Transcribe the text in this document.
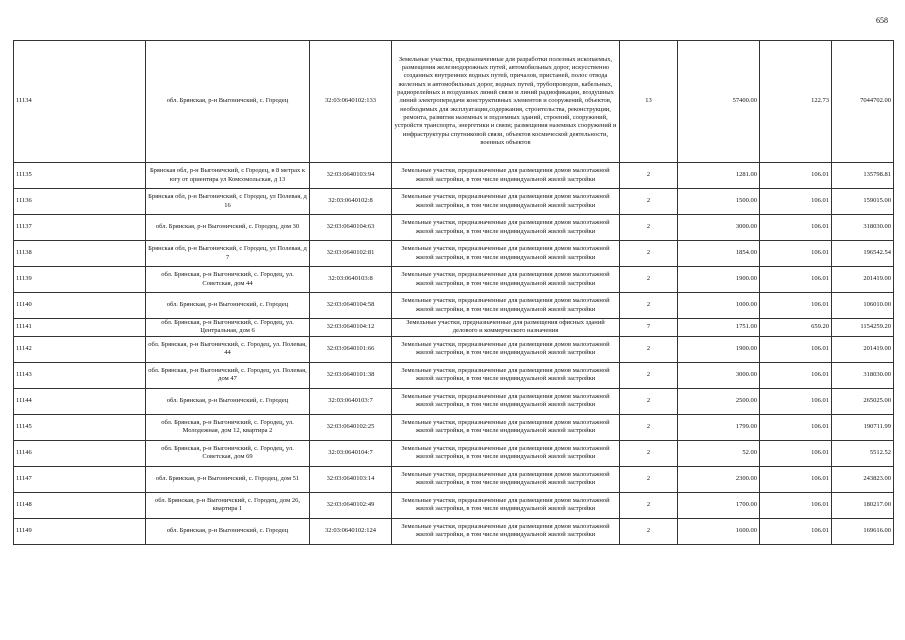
658
11134	обл. Брянская, р-н Выгоничский, с. Городец	32:03:0640102:133	Земельные участки, предназначенные для разработки полезных ископаемых, размещения железнодорожных путей, автомобильных дорог, искусственно созданных внутренних водных путей, причалов, пристаней, полос отвода железных и автомобильных дорог, водных путей, трубопроводов, кабельных, радиорелейных и воздушных линий связи и линий радиофикации, воздушных линий электропередачи конструктивных элементов и сооружений, объектов, необходимых для эксплуатации,содержания, строительства, реконструкции, ремонта, развития наземных и подземных зданий, строений, сооружений, устройств транспорта, энергетики и связи; размещения наземных сооружений и инфраструктуры спутниковой связи, объектов космической деятельности, военных объектов	13	57400.00	122.73	7044702.00
11135	Брянская обл, р-н Выгоничский, с Городец, в 8 метрах к югу от ориентира ул Комсомольская, д 13	32:03:0640103:94	Земельные участки, предназначенные для размещения домов малоэтажной жилой застройки, в том числе индивидуальной жилой застройки	2	1281.00	106.01	135798.81
11136	Брянская обл, р-н Выгоничский, с Городец, ул Полевая, д 16	32:03:0640102:8	Земельные участки, предназначенные для размещения домов малоэтажной жилой застройки, в том числе индивидуальной жилой застройки	2	1500.00	106.01	159015.00
11137	обл. Брянская, р-н Выгоничский, с. Городец, дом 30	32:03:0640104:63	Земельные участки, предназначенные для размещения домов малоэтажной жилой застройки, в том числе индивидуальной жилой застройки	2	3000.00	106.01	318030.00
11138	Брянская обл, р-н Выгоничский, с Городец, ул Полевая, д 7	32:03:0640102:81	Земельные участки, предназначенные для размещения домов малоэтажной жилой застройки, в том числе индивидуальной жилой застройки	2	1854.00	106.01	196542.54
11139	обл. Брянская, р-н Выгоничский, с. Городец, ул. Советская, дом 44	32:03:0640103:8	Земельные участки, предназначенные для размещения домов малоэтажной жилой застройки, в том числе индивидуальной жилой застройки	2	1900.00	106.01	201419.00
11140	обл. Брянская, р-н Выгоничский, с. Городец	32:03:0640104:58	Земельные участки, предназначенные для размещения домов малоэтажной жилой застройки, в том числе индивидуальной жилой застройки	2	1000.00	106.01	106010.00
11141	обл. Брянская, р-н Выгоничский, с. Городец, ул. Центральная, дом 6	32:03:0640104:12	Земельные участки, предназначенные для размещения офисных зданий делового и коммерческого назначения	7	1751.00	659.20	1154259.20
11142	обл. Брянская, р-н Выгоничский, с. Городец, ул. Полевая, 44	32:03:0640101:66	Земельные участки, предназначенные для размещения домов малоэтажной жилой застройки, в том числе индивидуальной жилой застройки	2	1900.00	106.01	201419.00
11143	обл. Брянская, р-н Выгоничский, с. Городец, ул. Полевая, дом 47	32:03:0640101:38	Земельные участки, предназначенные для размещения домов малоэтажной жилой застройки, в том числе индивидуальной жилой застройки	2	3000.00	106.01	318030.00
11144	обл. Брянская, р-н Выгоничский, с. Городец	32:03:0640103:7	Земельные участки, предназначенные для размещения домов малоэтажной жилой застройки, в том числе индивидуальной жилой застройки	2	2500.00	106.01	265025.00
11145	обл. Брянская, р-н Выгоничский, с. Городец, ул. Молодежная, дом 12, квартира 2	32:03:0640102:25	Земельные участки, предназначенные для размещения домов малоэтажной жилой застройки, в том числе индивидуальной жилой застройки	2	1799.00	106.01	190711.99
11146	обл. Брянская, р-н Выгоничский, с. Городец, ул. Советская, дом 69	32:03:0640104:7	Земельные участки, предназначенные для размещения домов малоэтажной жилой застройки, в том числе индивидуальной жилой застройки	2	52.00	106.01	5512.52
11147	обл. Брянская, р-н Выгоничский, с. Городец, дом 51	32:03:0640103:14	Земельные участки, предназначенные для размещения домов малоэтажной жилой застройки, в том числе индивидуальной жилой застройки	2	2300.00	106.01	243823.00
11148	обл. Брянская, р-н Выгоничский, с. Городец, дом 26, квартира 1	32:03:0640102:49	Земельные участки, предназначенные для размещения домов малоэтажной жилой застройки, в том числе индивидуальной жилой застройки	2	1700.00	106.01	180217.00
11149	обл. Брянская, р-н Выгоничский, с. Городец	32:03:0640102:124	Земельные участки, предназначенные для размещения домов малоэтажной жилой застройки, в том числе индивидуальной жилой застройки	2	1600.00	106.01	169616.00
